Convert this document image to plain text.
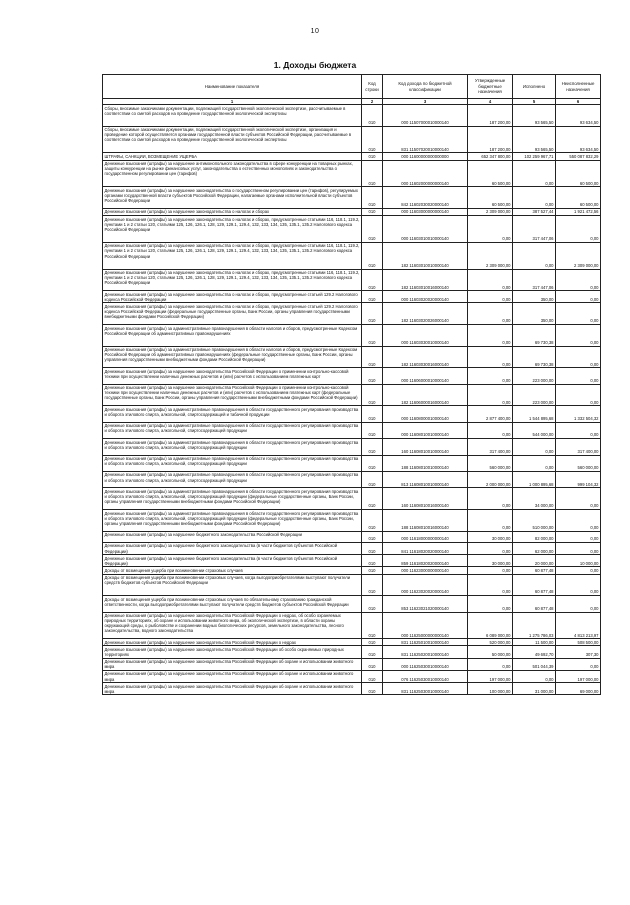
10
1. Доходы бюджета
Наименование показателя	Код строки	Код дохода по бюджетной классификации	Утвержденные бюджетные назначения	Исполнено	Неисполненные назначения
1	2	3	4	5	6
Сборы, вносимые заказчиками документации, подлежащей государственной экологической экспертизе, рассчитываемые в соответствии со сметой расходов на проведение государственной экологической экспертизы	010	000 11507000010000140	187 200,00	93 565,50	93 634,50
Сборы, вносимые заказчиками документации, подлежащей государственной экологической экспертизе, организация и проведение которой осуществляется органами государственной власти субъектов Российской Федерации, рассчитываемые в соответствии со сметой расходов на проведение государственной экологической экспертизы	010	831 11507020010000140	187 200,00	93 565,50	93 634,50
ШТРАФЫ, САНКЦИИ, ВОЗМЕЩЕНИЕ УЩЕРБА	010	000 11600000000000000	652 347 800,00	102 259 967,71	550 087 832,29
Денежные взыскания (штрафы) за нарушение антимонопольного законодательства в сфере конкуренции на товарных рынках, защиты конкуренции на рынке финансовых услуг, законодательства о естественных монополиях и законодательства о государственном регулировании цен (тарифов)	010	000 11602000000000140	60 500,00	0,00	60 500,00
Денежные взыскания (штрафы) за нарушение законодательства о государственном регулировании цен (тарифов), регулируемых органами государственной власти субъектов Российской Федерации, налагаемые органами исполнительной власти субъектов Российской Федерации	010	842 11602030020000140	60 500,00	0,00	60 500,00
Денежные взыскания (штрафы) за нарушение законодательства о налогах и сборах	010	000 11603000000000140	2 309 000,00	387 527,44	1 921 472,56
Денежные взыскания (штрафы) за нарушение законодательства о налогах и сборах, предусмотренные статьями 116, 118.1, 119.2, пунктами 1 и 2 статьи 120, статьями 125, 126, 126.1, 128, 129, 129.1, 129.4, 132, 133, 134, 135, 135.1, 135.2 Налогового кодекса Российской Федерации	010	000 11603010010000140	0,00	317 447,06	0,00
Денежные взыскания (штрафы) за нарушение законодательства о налогах и сборах, предусмотренные статьями 116, 118.1, 119.2, пунктами 1 и 2 статьи 120, статьями 125, 126, 126.1, 128, 129, 129.1, 129.4, 132, 133, 134, 135, 135.1, 135.2 Налогового кодекса Российской Федерации	010	182 11603010010000140	2 309 000,00	0,00	2 309 000,00
Денежные взыскания (штрафы) за нарушение законодательства о налогах и сборах, предусмотренные статьями 116, 118.1, 119.2, пунктами 1 и 2 статьи 120, статьями 125, 126, 126.1, 128, 129, 129.1, 129.4, 132, 133, 134, 135, 135.1, 135.2 Налогового кодекса Российской Федерации	010	182 11603010016000140	0,00	317 447,06	0,00
Денежные взыскания (штрафы) за нарушение законодательства о налогах и сборах, предусмотренные статьей 129.2 Налогового кодекса Российской Федерации	010	000 11603020020000140	0,00	350,00	0,00
Денежные взыскания (штрафы) за нарушение законодательства о налогах и сборах, предусмотренные статьей 129.2 Налогового кодекса Российской Федерации (федеральные государственные органы, Банк России, органы управления государственными внебюджетными фондами Российской Федерации)	010	182 11603020026000140	0,00	350,00	0,00
Денежные взыскания (штрафы) за административные правонарушения в области налогов и сборов, предусмотренные Кодексом Российской Федерации об административных правонарушениях	010	000 11603030010000140	0,00	69 730,38	0,00
Денежные взыскания (штрафы) за административные правонарушения в области налогов и сборов, предусмотренные Кодексом Российской Федерации об административных правонарушениях (федеральные государственные органы, Банк России, органы управления государственными внебюджетными фондами Российской Федерации)	010	182 11603030016000140	0,00	69 730,38	0,00
Денежные взыскания (штрафы) за нарушение законодательства Российской Федерации о применении контрольно-кассовой техники при осуществлении наличных денежных расчетов и (или) расчетов с использованием платежных карт	010	000 11606000010000140	0,00	223 000,00	0,00
Денежные взыскания (штрафы) за нарушение законодательства Российской Федерации о применении контрольно-кассовой техники при осуществлении наличных денежных расчетов и (или) расчетов с использованием платежных карт (федеральные государственные органы, Банк России, органы управления государственными внебюджетными фондами Российской Федерации)	010	182 11606000016000140	0,00	223 000,00	0,00
Денежные взыскания (штрафы) за административные правонарушения в области государственного регулирования производства и оборота этилового спирта, алкогольной, спиртосодержащей и табачной продукции	010	000 11608000010000140	2 877 400,00	1 544 895,68	1 332 504,32
Денежные взыскания (штрафы) за административные правонарушения в области государственного регулирования производства и оборота этилового спирта, алкогольной, спиртосодержащей продукции	010	000 11608010010000140	0,00	544 000,00	0,00
Денежные взыскания (штрафы) за административные правонарушения в области государственного регулирования производства и оборота этилового спирта, алкогольной, спиртосодержащей продукции	010	160 11608010010000140	317 400,00	0,00	317 400,00
Денежные взыскания (штрафы) за административные правонарушения в области государственного регулирования производства и оборота этилового спирта, алкогольной, спиртосодержащей продукции	010	188 11608010010000140	560 000,00	0,00	560 000,00
Денежные взыскания (штрафы) за административные правонарушения в области государственного регулирования производства и оборота этилового спирта, алкогольной, спиртосодержащей продукции	010	813 11608010010000140	2 000 000,00	1 000 895,68	999 104,32
Денежные взыскания (штрафы) за административные правонарушения в области государственного регулирования производства и оборота этилового спирта, алкогольной, спиртосодержащей продукции (федеральные государственные органы, Банк России, органы управления государственными внебюджетными фондами Российской Федерации)	010	160 11608010016000140	0,00	34 000,00	0,00
Денежные взыскания (штрафы) за административные правонарушения в области государственного регулирования производства и оборота этилового спирта, алкогольной, спиртосодержащей продукции (федеральные государственные органы, Банк России, органы управления государственными внебюджетными фондами Российской Федерации)	010	188 11608010016000140	0,00	510 000,00	0,00
Денежные взыскания (штрафы) за нарушение бюджетного законодательства Российской Федерации	010	000 11618000000000140	30 000,00	82 000,00	0,00
Денежные взыскания (штрафы) за нарушение бюджетного законодательства (в части бюджетов субъектов Российской Федерации)	010	841 11618020020000140	0,00	62 000,00	0,00
Денежные взыскания (штрафы) за нарушение бюджетного законодательства (в части бюджетов субъектов Российской Федерации)	010	859 11618020020000140	30 000,00	20 000,00	10 000,00
Доходы от возмещения ущерба при возникновении страховых случаев	010	000 11623000000000140	0,00	60 877,48	0,00
Доходы от возмещения ущерба при возникновении страховых случаев, когда выгодоприобретателями выступают получатели средств бюджетов субъектов Российской Федерации	010	000 11623020020000140	0,00	60 877,48	0,00
Доходы от возмещения ущерба при возникновении страховых случаев по обязательному страхованию гражданской ответственности, когда выгодоприобретателями выступают получатели средств бюджетов субъектов Российской Федерации	010	853 11623021020000140	0,00	60 877,48	0,00
Денежные взыскания (штрафы) за нарушение законодательства Российской Федерации о недрах, об особо охраняемых природных территориях, об охране и использовании животного мира, об экологической экспертизе, в области охраны окружающей среды, о рыболовстве и сохранении водных биологических ресурсов, земельного законодательства, лесного законодательства, водного законодательства	010	000 11625000000000140	6 089 000,00	1 275 786,03	4 813 213,97
Денежные взыскания (штрафы) за нарушение законодательства Российской Федерации о недрах	010	831 11625010010000140	520 000,00	11 500,00	508 500,00
Денежные взыскания (штрафы) за нарушение законодательства Российской Федерации об особо охраняемых природных территориях	010	831 11625020010000140	50 000,00	49 692,70	307,30
Денежные взыскания (штрафы) за нарушение законодательства Российской Федерации об охране и использовании животного мира	010	000 11625030010000140	0,00	501 044,39	0,00
Денежные взыскания (штрафы) за нарушение законодательства Российской Федерации об охране и использовании животного мира	010	076 11625030010000140	197 000,00	0,00	197 000,00
Денежные взыскания (штрафы) за нарушение законодательства Российской Федерации об охране и использовании животного мира	010	831 11625030010000140	100 000,00	31 000,00	69 000,00
